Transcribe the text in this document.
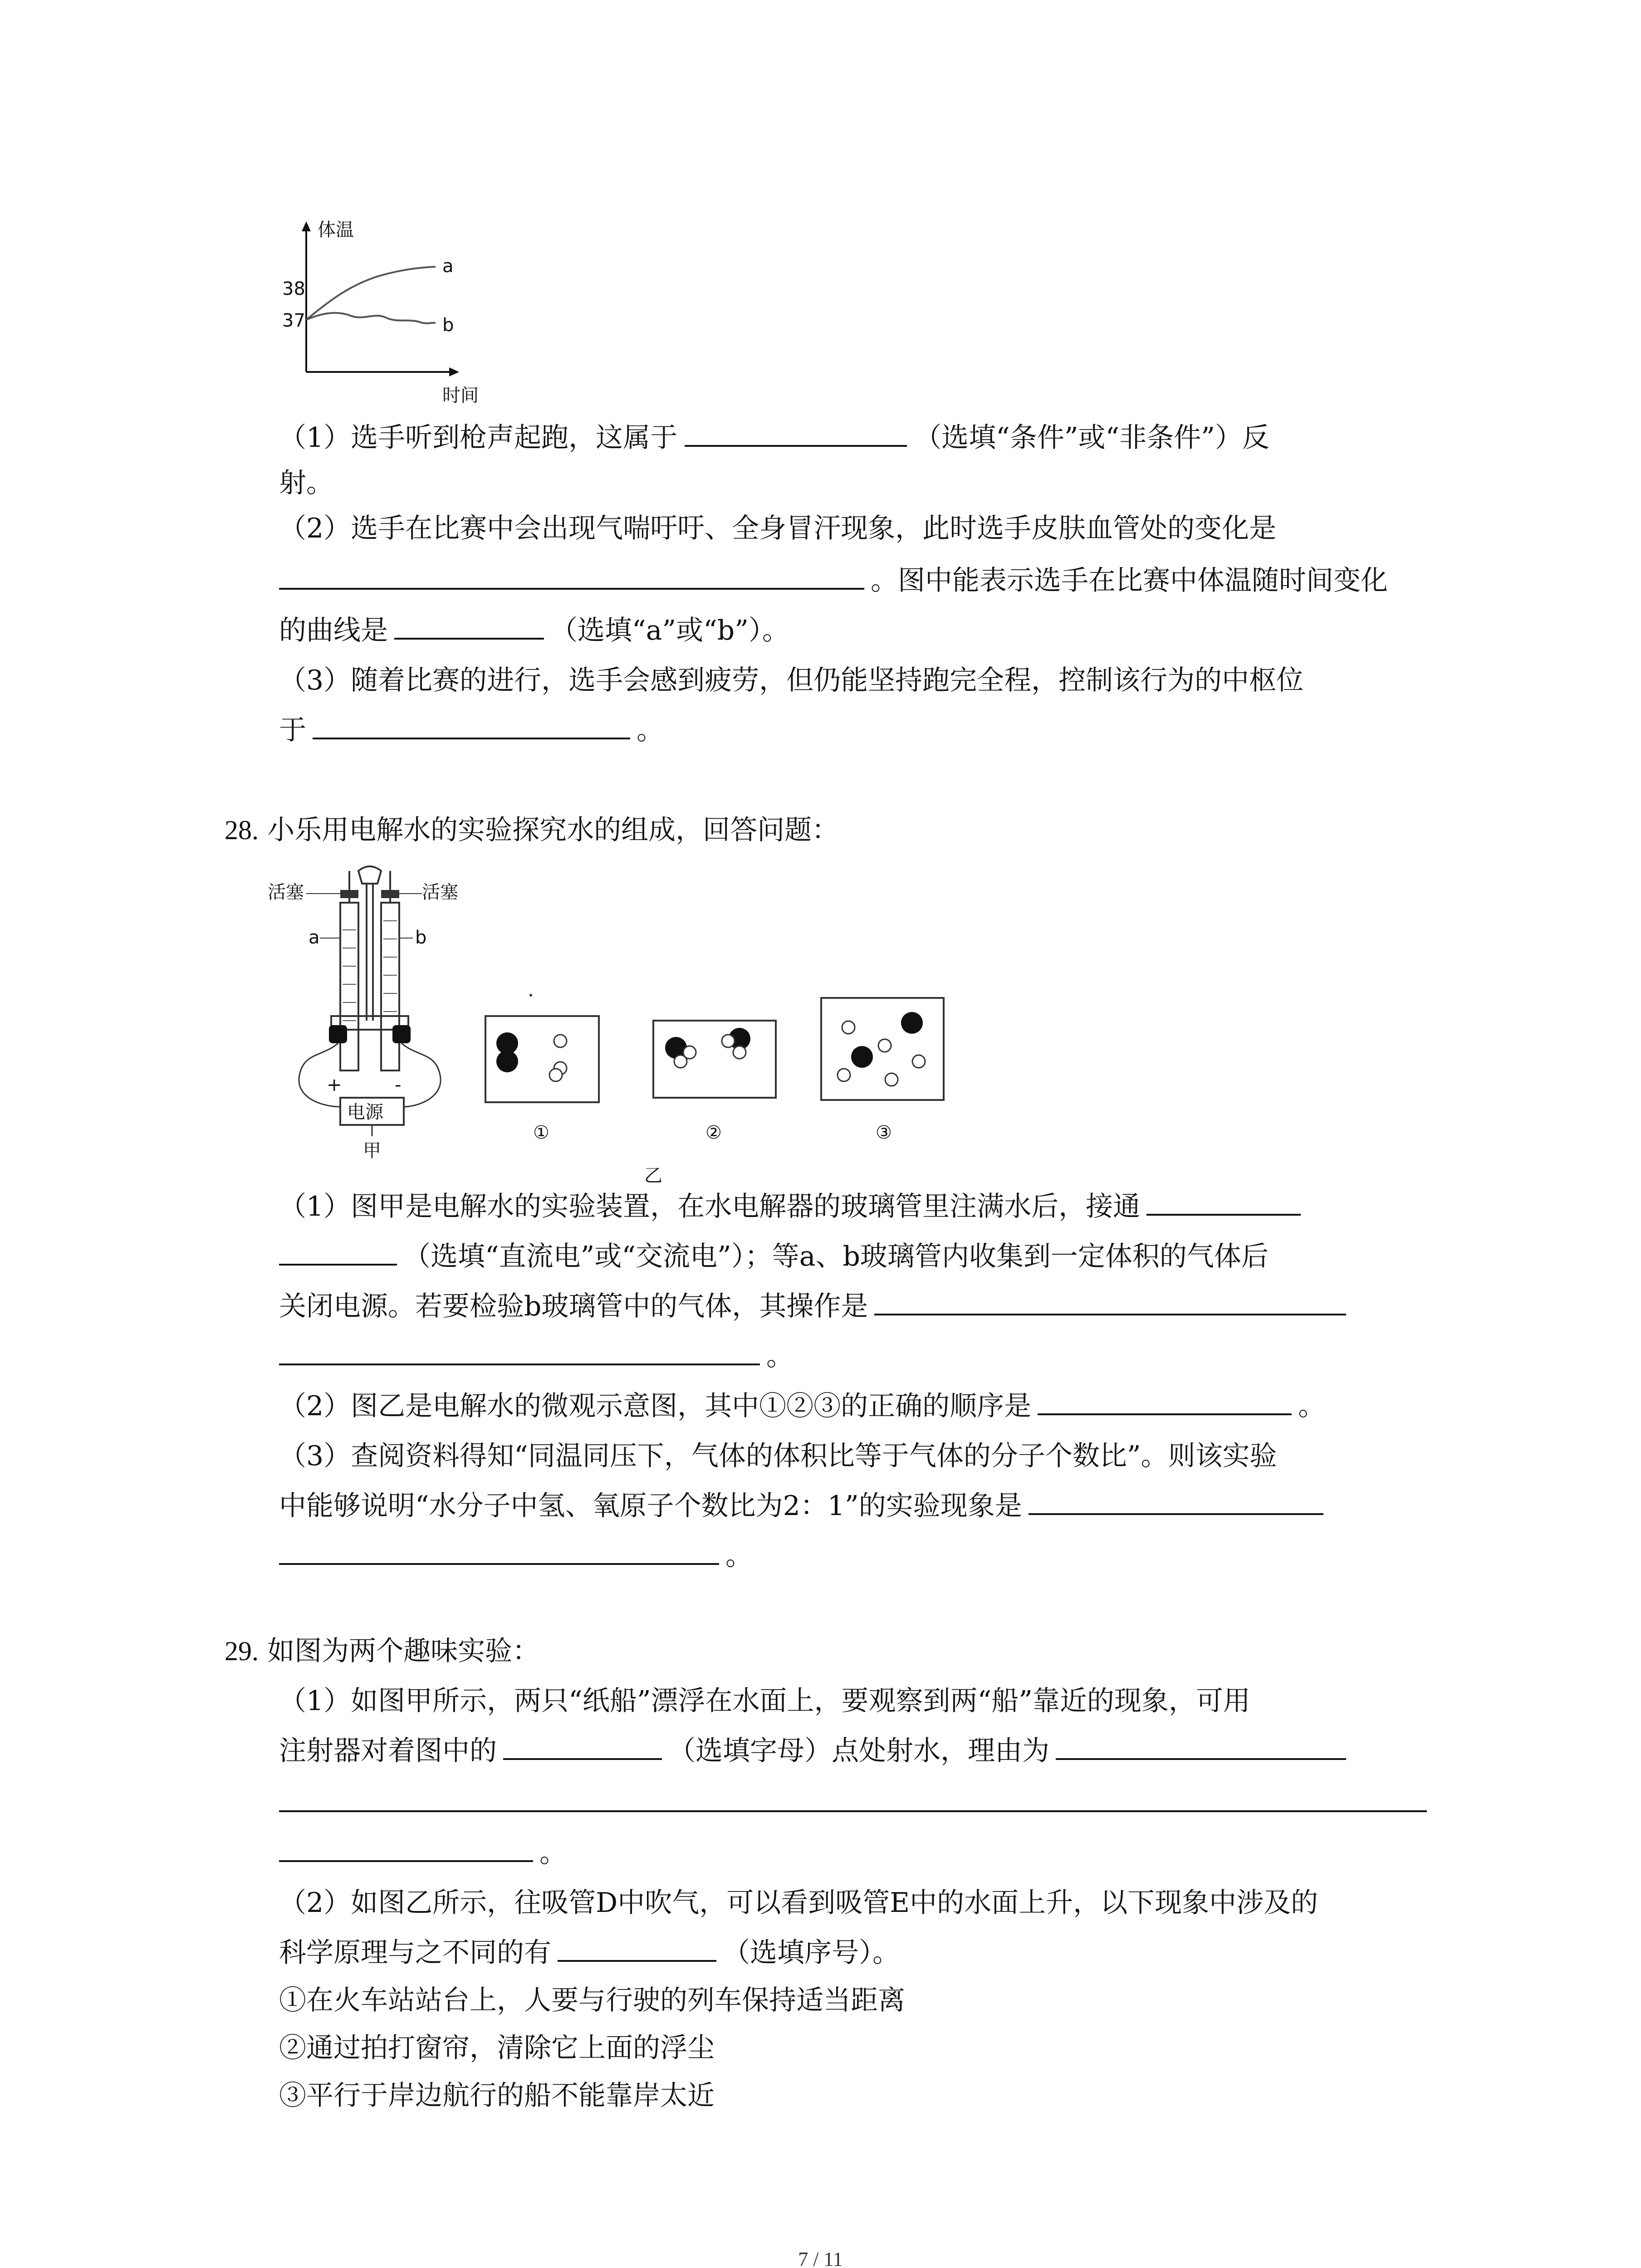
体温
时间
38
37
a
b
（1）选手听到枪声起跑，这属于	（选填“条件”或“非条件”）反
射。
（2）选手在比赛中会出现气喘吁吁、全身冒汗现象，此时选手皮肤血管处的变化是
。图中能表示选手在比赛中体温随时间变化
的曲线是	（选填“a”或“b”）。
（3）随着比赛的进行，选手会感到疲劳，但仍能坚持跑完全程，控制该行为的中枢位
于	。
28. 小乐用电解水的实验探究水的组成，回答问题：
+	-
电源
甲
活塞
a
活塞
b
①	②	③
乙
（1）图甲是电解水的实验装置，在水电解器的玻璃管里注满水后，接通
（选填“直流电”或“交流电”）；等a、b玻璃管内收集到一定体积的气体后
关闭电源。若要检验b玻璃管中的气体，其操作是
。
（2）图乙是电解水的微观示意图，其中①②③的正确的顺序是	。
（3）查阅资料得知“同温同压下，气体的体积比等于气体的分子个数比”。则该实验
中能够说明“水分子中氢、氧原子个数比为2：1”的实验现象是
。
29. 如图为两个趣味实验：
（1）如图甲所示，两只“纸船”漂浮在水面上，要观察到两“船”靠近的现象，可用
注射器对着图中的	（选填字母）点处射水，理由为
。
（2）如图乙所示，往吸管D中吹气，可以看到吸管E中的水面上升，以下现象中涉及的
科学原理与之不同的有	（选填序号）。
①在火车站站台上，人要与行驶的列车保持适当距离
②通过拍打窗帘，清除它上面的浮尘
③平行于岸边航行的船不能靠岸太近
7 / 11
